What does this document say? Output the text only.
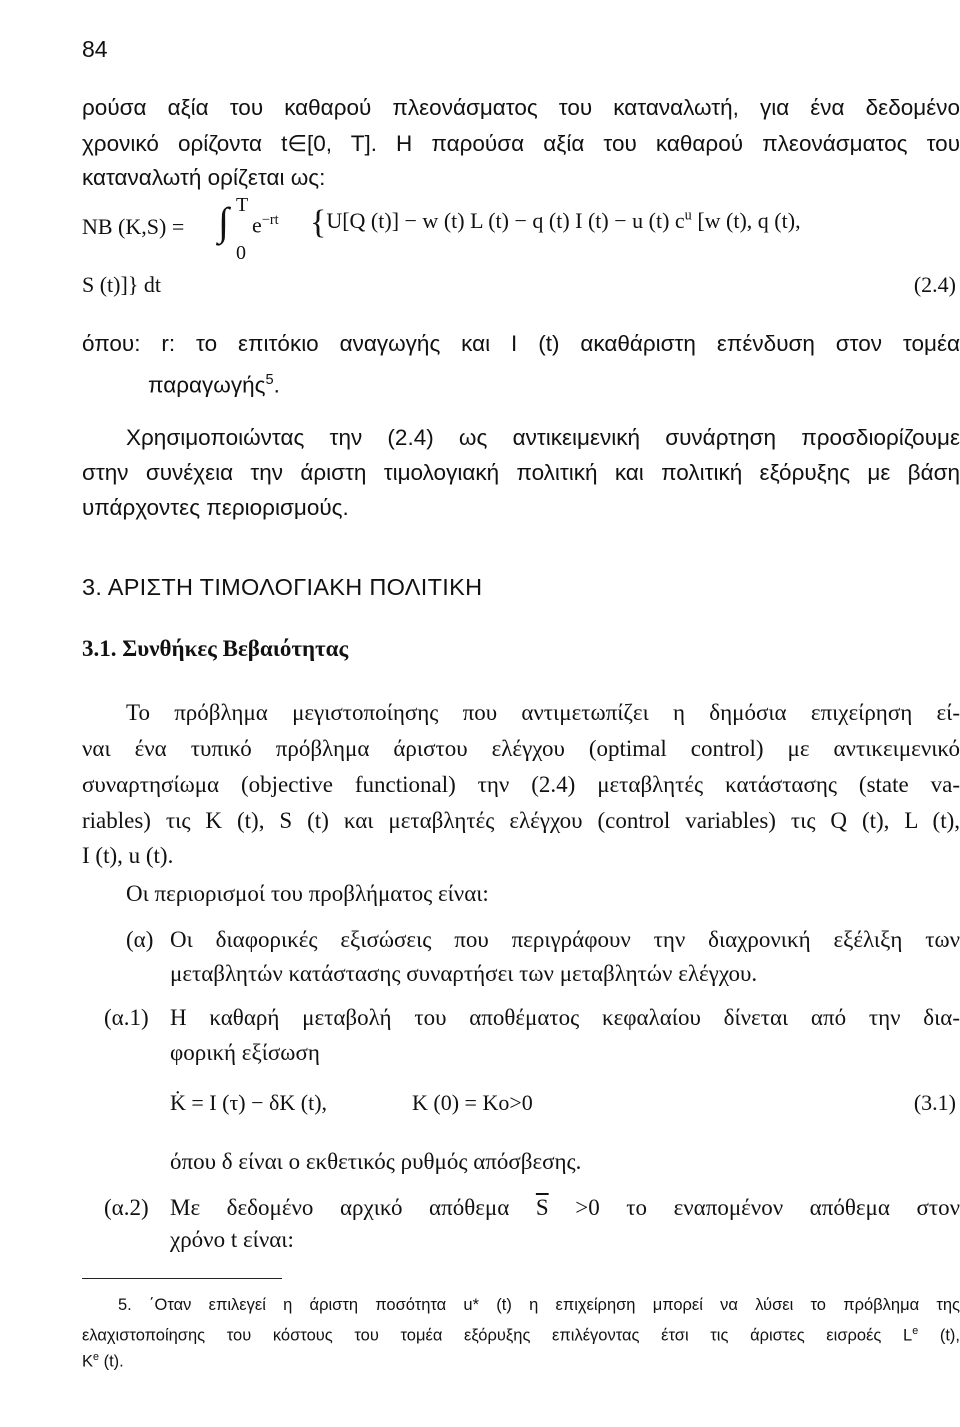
84
ρούσα αξία του καθαρού πλεονάσματος του καταναλωτή, για ένα δεδομένο
χρονικό ορίζοντα t∈[0, T]. Η παρούσα αξία του καθαρού πλεονάσματος του
καταναλωτή ορίζεται ως:
NB (K,S) = ∫ T
0
$e^{-rt}$ {U[Q (t)] − w (t) L (t) − q (t) I (t) − u (t) $c^u$ [w (t), q (t),
S (t)]} dt	(2.4)
όπου: r: το επιτόκιο αναγωγής και Ι (t) ακαθάριστη επένδυση στον τομέα
παραγωγής$^5$.
Χρησιμοποιώντας την (2.4) ως αντικειμενική συνάρτηση προσδιορίζουμε
στην συνέχεια την άριστη τιμολογιακή πολιτική και πολιτική εξόρυξης με βάση
υπάρχοντες περιορισμούς.
3. ΑΡΙΣΤΗ ΤΙΜΟΛΟΓΙΑΚΗ ΠΟΛΙΤΙΚΗ
3.1. Συνθήκες Βεβαιότητας
Το πρόβλημα μεγιστοποίησης που αντιμετωπίζει η δημόσια επιχείρηση εί-
ναι ένα τυπικό πρόβλημα άριστου ελέγχου (optimal control) με αντικειμενικό
συναρτησίωμα (objective functional) την (2.4) μεταβλητές κατάστασης (state va-
riables) τις K (t), S (t) και μεταβλητές ελέγχου (control variables) τις Q (t), L (t),
I (t), u (t).
Οι περιορισμοί του προβλήματος είναι:
(α) Οι διαφορικές εξισώσεις που περιγράφουν την διαχρονική εξέλιξη των
μεταβλητών κατάστασης συναρτήσει των μεταβλητών ελέγχου.
(α.1) Η καθαρή μεταβολή του αποθέματος κεφαλαίου δίνεται από την δια-
φορική εξίσωση
K̇ = I (τ) − δK (t),	K (0) = Ko>0	(3.1)
όπου δ είναι ο εκθετικός ρυθμός απόσβεσης.
(α.2) Με δεδομένο αρχικό απόθεμα $\overline{S} >0$ το εναπομένον απόθεμα στον
χρόνο t είναι:
5. ΄Οταν επιλεγεί η άριστη ποσότητα u* (t) η επιχείρηση μπορεί να λύσει το πρόβλημα της
ελαχιστοποίησης του κόστους του τομέα εξόρυξης επιλέγοντας έτσι τις άριστες εισροές Le (t),
$K^e$ (t).
